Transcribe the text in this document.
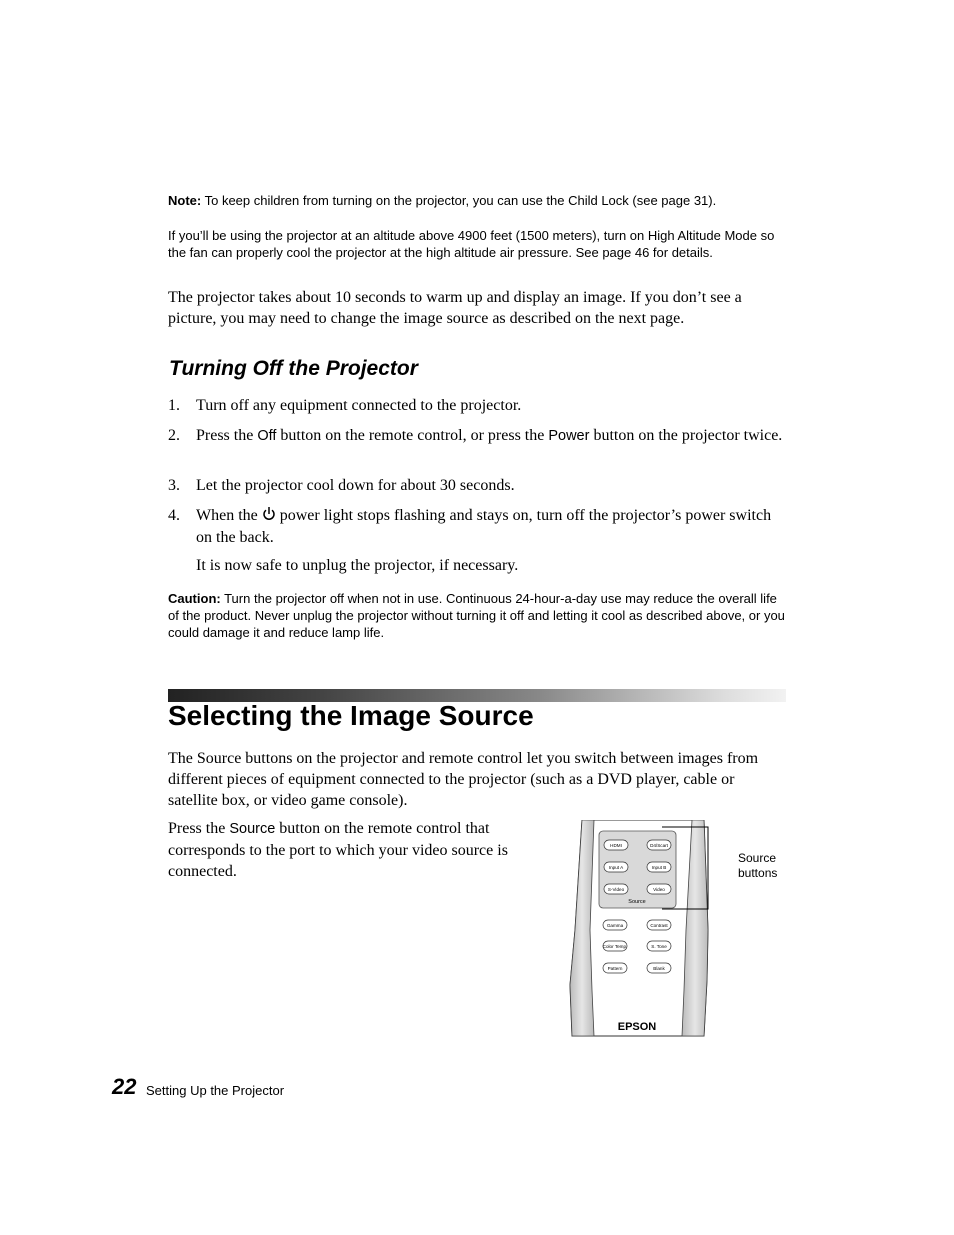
Note: To keep children from turning on the projector, you can use the Child Lock (see page 31).
If you’ll be using the projector at an altitude above 4900 feet (1500 meters), turn on High Altitude Mode so the fan can properly cool the projector at the high altitude air pressure. See page 46 for details.
The projector takes about 10 seconds to warm up and display an image. If you don’t see a picture, you may need to change the image source as described on the next page.
Turning Off the Projector
1. Turn off any equipment connected to the projector.
2. Press the Off button on the remote control, or press the Power button on the projector twice.
3. Let the projector cool down for about 30 seconds.
4. When the  power light stops flashing and stays on, turn off the projector’s power switch on the back.
It is now safe to unplug the projector, if necessary.
Caution: Turn the projector off when not in use. Continuous 24-hour-a-day use may reduce the overall life of the product. Never unplug the projector without turning it off and letting it cool as described above, or you could damage it and reduce lamp life.
Selecting the Image Source
The Source buttons on the projector and remote control let you switch between images from different pieces of equipment connected to the projector (such as a DVD player, cable or satellite box, or video game console).
Press the Source button on the remote control that corresponds to the port to which your video source is connected.
HDMI	D4/Scart
Input A	Input B
S-Video	Video
Source
Gamma	Contrast
Color Temp.	S. Tone
Pattern	Blank
EPSON
Source
buttons
22 Setting Up the Projector
